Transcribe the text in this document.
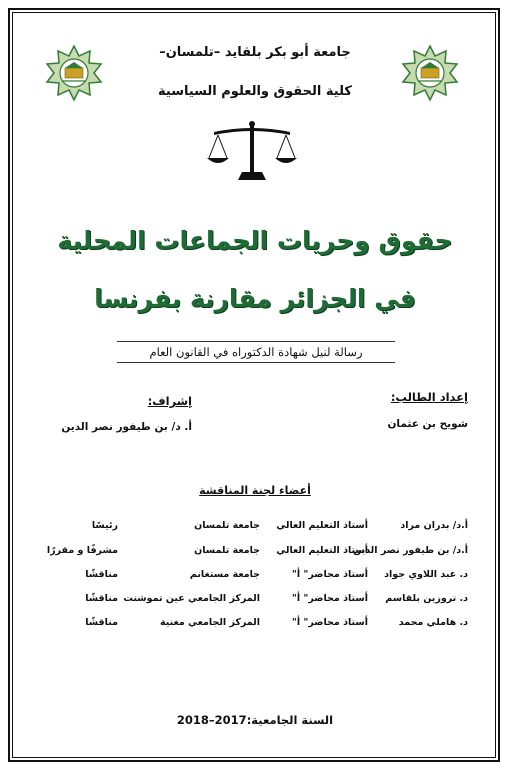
جامعة أبو بكر بلقايد –تلمسان–
كلية الحقوق والعلوم السياسية
حقوق وحريات الجماعات المحلية
في الجزائر مقارنة بفرنسا
رسالة لنيل شهادة الدكتوراه في القانون العام
إعداد الطالب:
إشراف:
شويح بن عثمان
أ. د/ بن طيفور نصر الدين
أعضاء لجنة المناقشة
أ.د/ بدران مراد
أستاذ التعليم العالي
جامعة تلمسان
رئيسًا
أ.د/ بن طيفور نصر الدين
أستاذ التعليم العالي
جامعة تلمسان
مشرفًا و مقررًا
د. عبد اللاوي جواد
أستاذ محاضر" أ"
جامعة مستغانم
مناقشًا
د. تروزين بلقاسم
أستاذ محاضر" أ"
المركز الجامعي عين تموشنت
مناقشًا
د. هاملي محمد
أستاذ محاضر" أ"
المركز الجامعي مغنية
مناقشًا
السنة الجامعية:2017–2018
